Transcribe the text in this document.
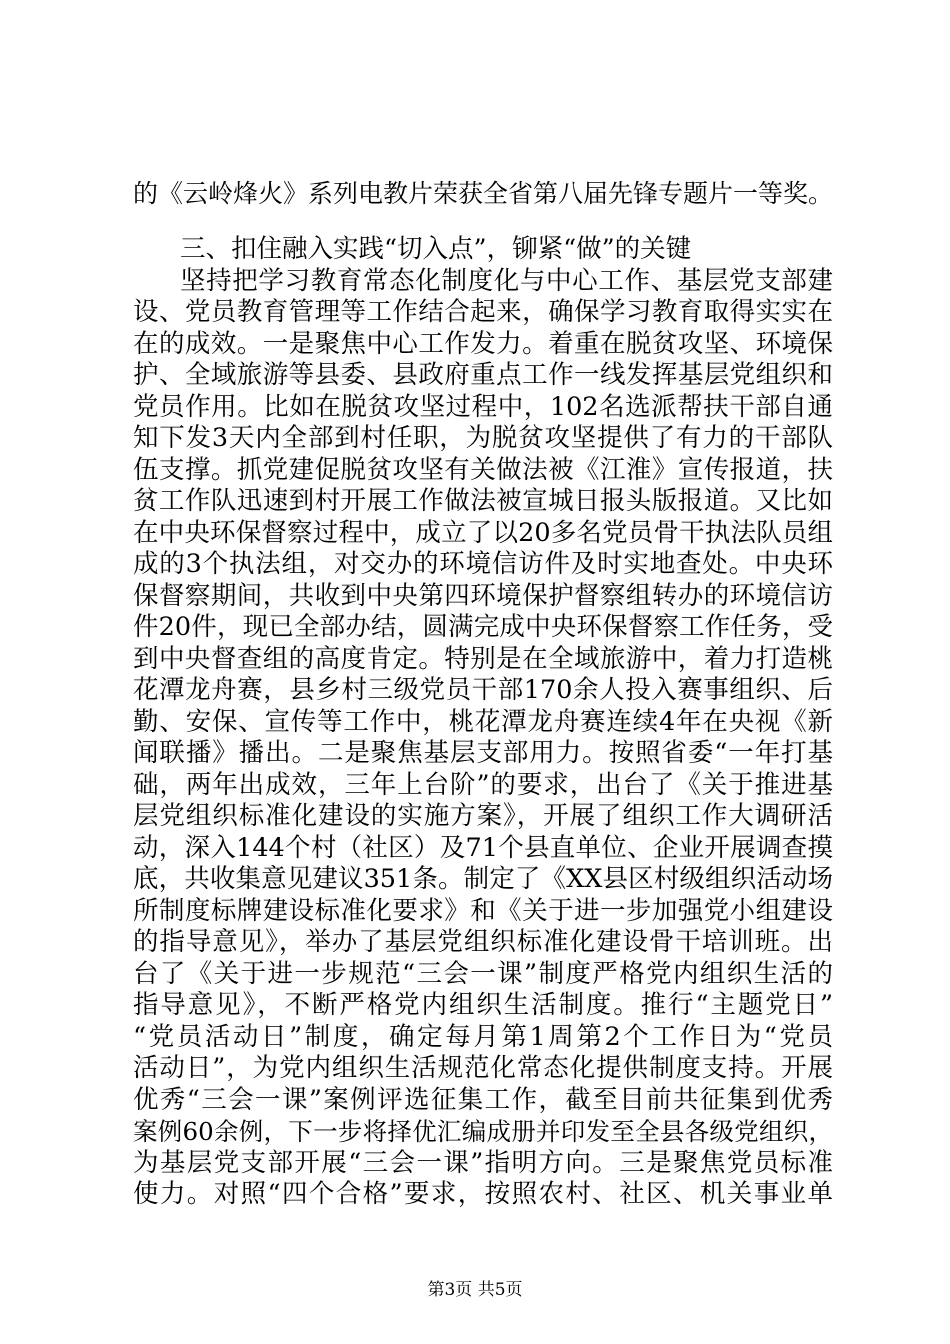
的《云岭烽火》系列电教片荣获全省第八届先锋专题片一等奖。
三、扣住融入实践“切入点”，铆紧“做”的关键
坚持把学习教育常态化制度化与中心工作、基层党支部建
设、党员教育管理等工作结合起来，确保学习教育取得实实在
在的成效。一是聚焦中心工作发力。着重在脱贫攻坚、环境保
护、全域旅游等县委、县政府重点工作一线发挥基层党组织和
党员作用。比如在脱贫攻坚过程中，102名选派帮扶干部自通
知下发3天内全部到村任职，为脱贫攻坚提供了有力的干部队
伍支撑。抓党建促脱贫攻坚有关做法被《江淮》宣传报道，扶
贫工作队迅速到村开展工作做法被宣城日报头版报道。又比如
在中央环保督察过程中，成立了以20多名党员骨干执法队员组
成的3个执法组，对交办的环境信访件及时实地查处。中央环
保督察期间，共收到中央第四环境保护督察组转办的环境信访
件20件，现已全部办结，圆满完成中央环保督察工作任务，受
到中央督查组的高度肯定。特别是在全域旅游中，着力打造桃
花潭龙舟赛，县乡村三级党员干部170余人投入赛事组织、后
勤、安保、宣传等工作中，桃花潭龙舟赛连续4年在央视《新
闻联播》播出。二是聚焦基层支部用力。按照省委“一年打基
础，两年出成效，三年上台阶”的要求，出台了《关于推进基
层党组织标准化建设的实施方案》，开展了组织工作大调研活
动，深入144个村（社区）及71个县直单位、企业开展调查摸
底，共收集意见建议351条。制定了《XX县区村级组织活动场
所制度标牌建设标准化要求》和《关于进一步加强党小组建设
的指导意见》，举办了基层党组织标准化建设骨干培训班。出
台了《关于进一步规范“三会一课”制度严格党内组织生活的
指导意见》，不断严格党内组织生活制度。推行“主题党日”
“党员活动日”制度，确定每月第1周第2个工作日为“党员
活动日”，为党内组织生活规范化常态化提供制度支持。开展
优秀“三会一课”案例评选征集工作，截至目前共征集到优秀
案例60余例，下一步将择优汇编成册并印发至全县各级党组织，
为基层党支部开展“三会一课”指明方向。三是聚焦党员标准
使力。对照“四个合格”要求，按照农村、社区、机关事业单
第3页 共5页
